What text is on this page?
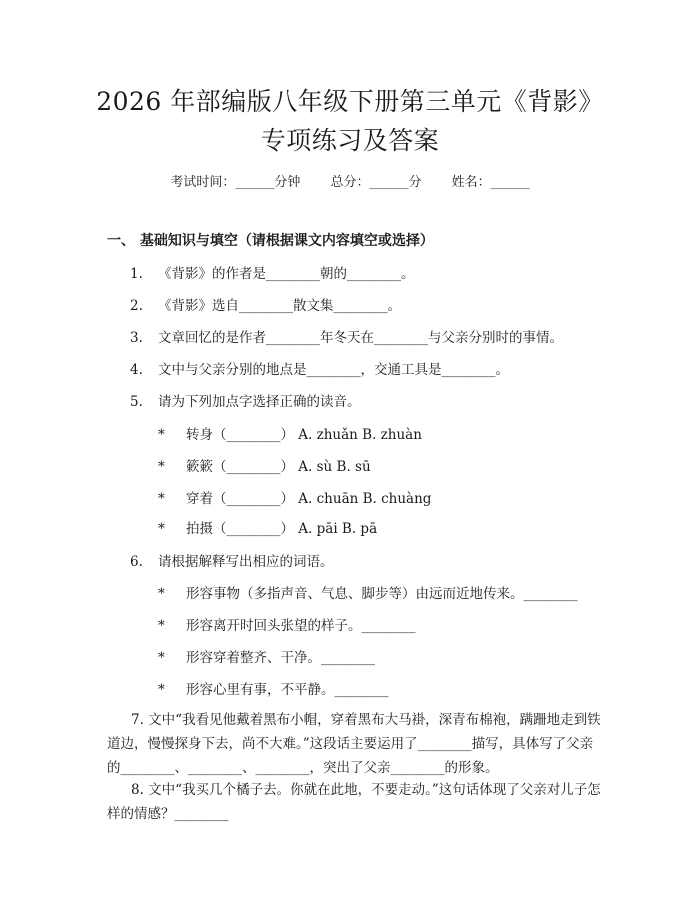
2026 年部编版八年级下册第三单元《背影》
专项练习及答案
考试时间：______分钟 总分：______分 姓名：______
一、 基础知识与填空（请根据课文内容填空或选择）
1. 《背影》的作者是________朝的________。
2. 《背影》选自________散文集________。
3. 文章回忆的是作者________年冬天在________与父亲分别时的事情。
4. 文中与父亲分别的地点是________，交通工具是________。
5. 请为下列加点字选择正确的读音。
* 转身（________） A. zhuǎn B. zhuàn
* 簌簌（________） A. sù B. sū
* 穿着（________） A. chuān B. chuàng
* 拍摄（________） A. pāi B. pā
6. 请根据解释写出相应的词语。
* 形容事物（多指声音、气息、脚步等）由远而近地传来。________
* 形容离开时回头张望的样子。________
* 形容穿着整齐、干净。________
* 形容心里有事，不平静。________
7. 文中“我看见他戴着黑布小帽，穿着黑布大马褂，深青布棉袍，蹒跚地走到铁道边，慢慢探身下去，尚不大难。”这段话主要运用了________描写，具体写了父亲的________、________、________，突出了父亲________的形象。
8. 文中“我买几个橘子去。你就在此地，不要走动。”这句话体现了父亲对儿子怎样的情感？________
